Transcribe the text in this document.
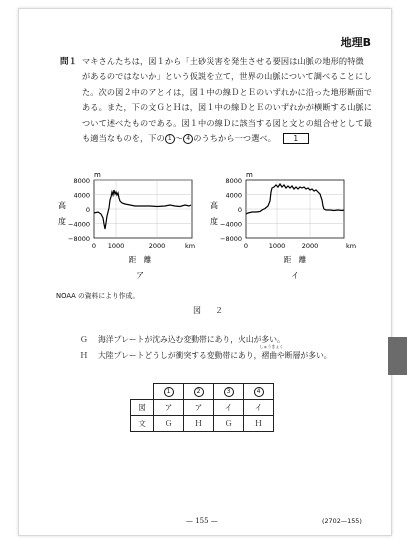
地理B
問１ マキさんたちは，図１から「土砂災害を発生させる要因は山脈の地形的特徴
があるのではないか」という仮説を立て，世界の山脈について調べることにし
た。次の図２中のアとイは，図１中の線ＤとＥのいずれかに沿った地形断面で
ある。また，下の文ＧとＨは，図１中の線ＤとＥのいずれかが横断する山脈に
ついて述べたものである。図１中の線Ｄに該当する図と文との組合せとして最
も適当なものを，下の 1 ～ 4 のうちから一つ選べ。 1
m
8000
4000
0
−4000
−8000
高
度
0 1000	2000	km
距　離
ア
m
8000
4000
0
−4000
−8000
高
度
0	1000	2000	km
距　離
イ
NOAA の資料により作成。
図　２
Ｇ 海洋プレートが沈み込む変動帯にあり，火山が多い。
Ｈ 大陸プレートどうしが衝突する変動帯にあり，褶
しゅうきょく
曲や断層が多い。
	1	2	3	4
図	ア	ア	イ	イ
文	Ｇ	Ｈ	Ｇ	Ｈ
— 155 —	(2702—155)
